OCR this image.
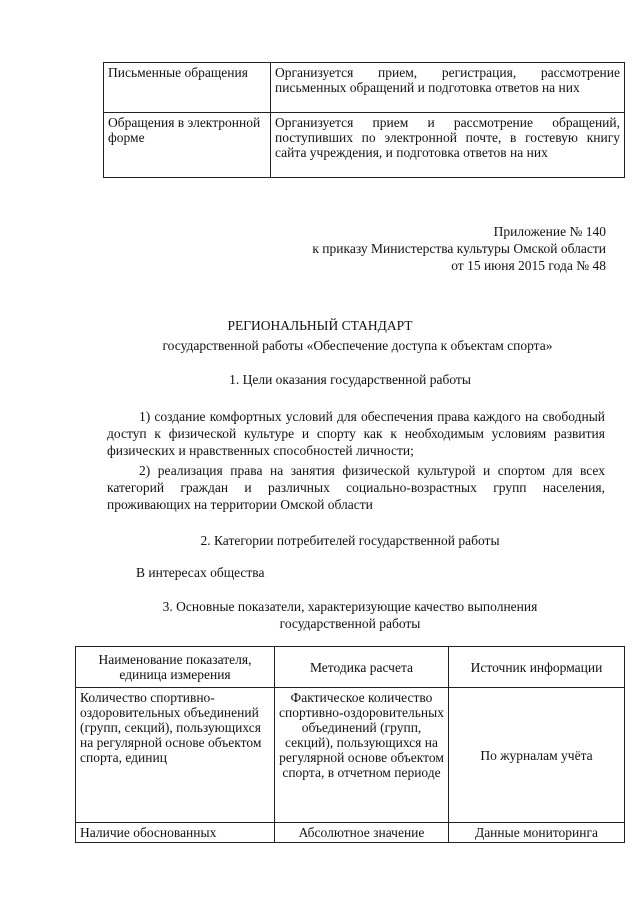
Письменные обращения	Организуется прием, регистрация, рассмотрение письменных обращений и подготовка ответов на них
Обращения в электронной форме	Организуется прием и рассмотрение обращений, поступивших по электронной почте, в гостевую книгу сайта учреждения, и подготовка ответов на них
Приложение № 140
к приказу Министерства культуры Омской области
от 15 июня 2015 года № 48
РЕГИОНАЛЬНЫЙ СТАНДАРТ
государственной работы «Обеспечение доступа к объектам спорта»
1. Цели оказания государственной работы
1) создание комфортных условий для обеспечения права каждого на свободный доступ к физической культуре и спорту как к необходимым условиям развития физических и нравственных способностей личности;
2) реализация права на занятия физической культурой и спортом для всех категорий граждан и различных социально-возрастных групп населения, проживающих на территории Омской области
2. Категории потребителей государственной работы
В интересах общества
3. Основные показатели, характеризующие качество выполнения
государственной работы
Наименование показателя, единица измерения	Методика расчета	Источник информации
Количество спортивно-оздоровительных объединений (групп, секций), пользующихся на регулярной основе объектом спорта, единиц	Фактическое количество спортивно-оздоровительных объединений (групп, секций), пользующихся на регулярной основе объектом спорта, в отчетном периоде	По журналам учёта
Наличие обоснованных	Абсолютное значение	Данные мониторинга
